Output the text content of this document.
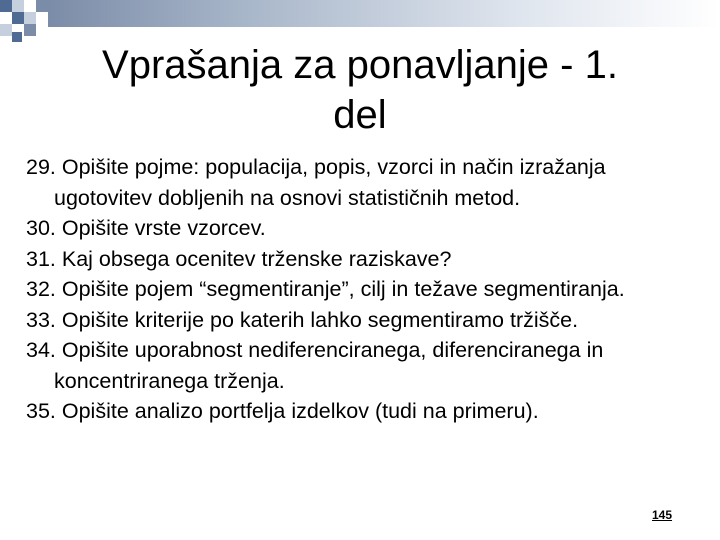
Vprašanja za ponavljanje - 1.
del
29. Opišite pojme: populacija, popis, vzorci in način izražanja
ugotovitev dobljenih na osnovi statističnih metod.
30. Opišite vrste vzorcev.
31. Kaj obsega ocenitev trženske raziskave?
32. Opišite pojem “segmentiranje”, cilj in težave segmentiranja.
33. Opišite kriterije po katerih lahko segmentiramo tržišče.
34. Opišite uporabnost nediferenciranega, diferenciranega in
koncentriranega trženja.
35. Opišite analizo portfelja izdelkov (tudi na primeru).
145
